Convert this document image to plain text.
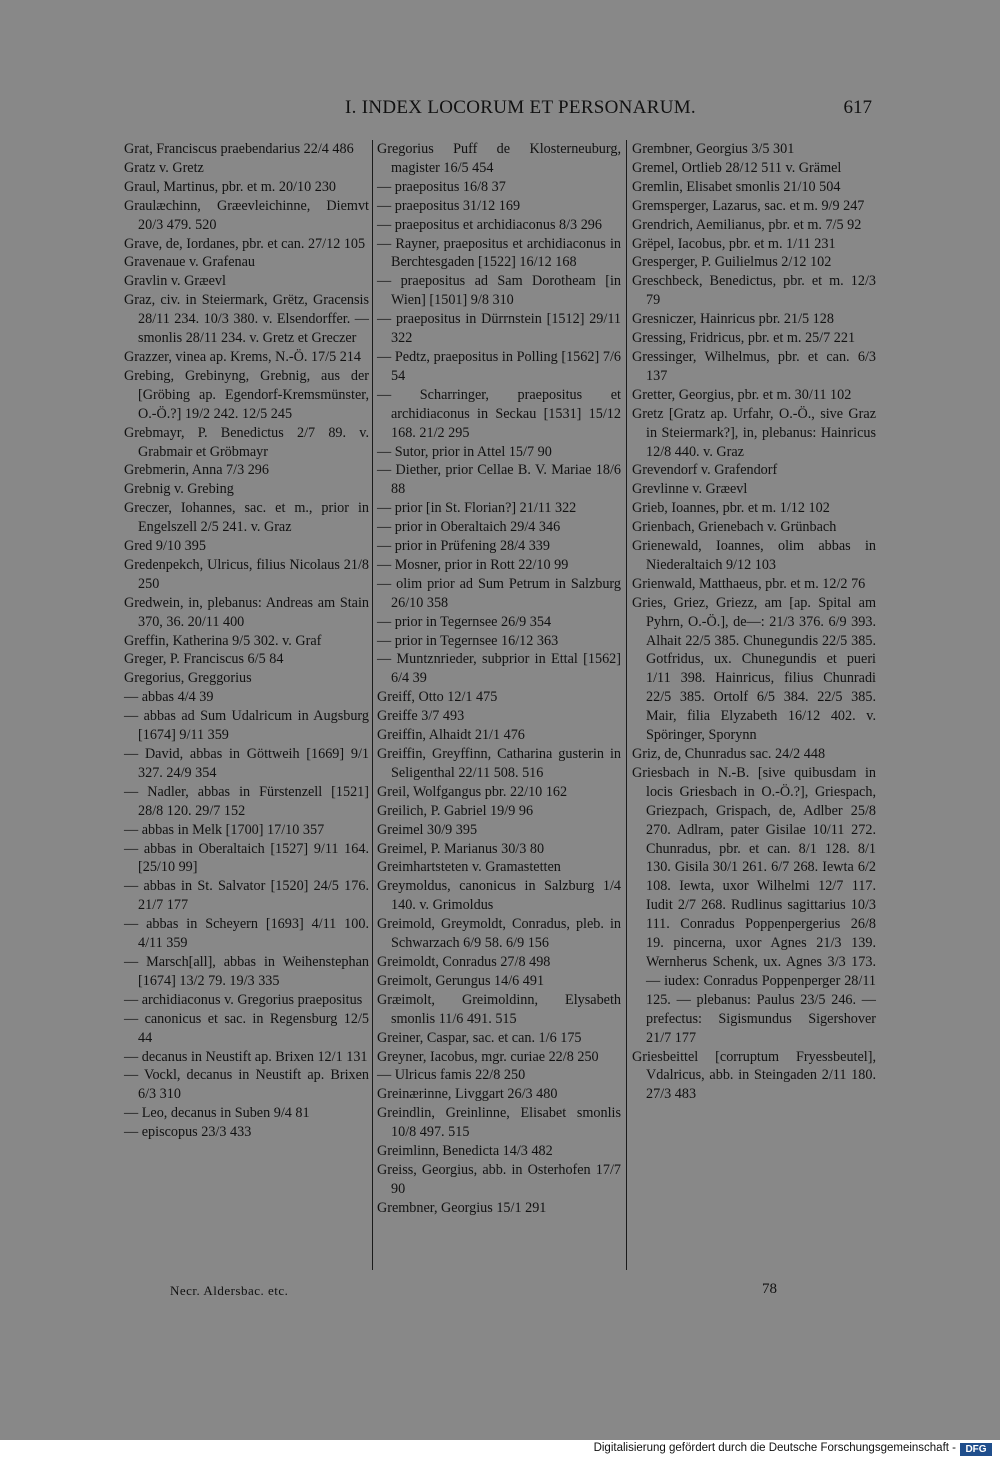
I. INDEX LOCORUM ET PERSONARUM.	617

Grat, Franciscus praebendarius 22/4 486

Gratz v. Gretz

Graul, Martinus, pbr. et m. 20/10 230

Graulæchinn, Græevleichinne, Diemvt 20/3 479. 520

Grave, de, Iordanes, pbr. et can. 27/12 105

Gravenaue v. Grafenau

Gravlin v. Græevl

Graz, civ. in Steiermark, Grëtz, Gracensis 28/11 234. 10/3 380. v. Elsendorffer. — smonlis 28/11 234. v. Gretz et Greczer

Grazzer, vinea ap. Krems, N.-Ö. 17/5 214

Grebing, Grebinyng, Grebnig, aus der [Gröbing ap. Egendorf-Kremsmünster, O.-Ö.?] 19/2 242. 12/5 245

Grebmayr, P. Benedictus 2/7 89. v. Grabmair et Gröbmayr

Grebmerin, Anna 7/3 296

Grebnig v. Grebing

Greczer, Iohannes, sac. et m., prior in Engelszell 2/5 241. v. Graz

Gred 9/10 395

Gredenpekch, Ulricus, filius Nicolaus 21/8 250

Gredwein, in, plebanus: Andreas am Stain 370, 36. 20/11 400

Greffin, Katherina 9/5 302. v. Graf

Greger, P. Franciscus 6/5 84

Gregorius, Greggorius

— abbas 4/4 39

— abbas ad Sum Udalricum in Augsburg [1674] 9/11 359

— David, abbas in Göttweih [1669] 9/1 327. 24/9 354

— Nadler, abbas in Fürstenzell [1521] 28/8 120. 29/7 152

— abbas in Melk [1700] 17/10 357

— abbas in Oberaltaich [1527] 9/11 164. [25/10 99]

— abbas in St. Salvator [1520] 24/5 176. 21/7 177

— abbas in Scheyern [1693] 4/11 100. 4/11 359

— Marsch[all], abbas in Weihenstephan [1674] 13/2 79. 19/3 335

— archidiaconus v. Gregorius praepositus

— canonicus et sac. in Regensburg 12/5 44

— decanus in Neustift ap. Brixen 12/1 131

— Vockl, decanus in Neustift ap. Brixen 6/3 310

— Leo, decanus in Suben 9/4 81

— episcopus 23/3 433

Gregorius Puff de Klosterneuburg, magister 16/5 454

— praepositus 16/8 37

— praepositus 31/12 169

— praepositus et archidiaconus 8/3 296

— Rayner, praepositus et archidiaconus in Berchtesgaden [1522] 16/12 168

— praepositus ad Sam Dorotheam [in Wien] [1501] 9/8 310

— praepositus in Dürrnstein [1512] 29/11 322

— Pedtz, praepositus in Polling [1562] 7/6 54

— Scharringer, praepositus et archidiaconus in Seckau [1531] 15/12 168. 21/2 295

— Sutor, prior in Attel 15/7 90

— Diether, prior Cellae B. V. Mariae 18/6 88

— prior [in St. Florian?] 21/11 322

— prior in Oberaltaich 29/4 346

— prior in Prüfening 28/4 339

— Mosner, prior in Rott 22/10 99

— olim prior ad Sum Petrum in Salzburg 26/10 358

— prior in Tegernsee 26/9 354

— prior in Tegernsee 16/12 363

— Muntznrieder, subprior in Ettal [1562] 6/4 39

Greiff, Otto 12/1 475

Greiffe 3/7 493

Greiffin, Alhaidt 21/1 476

Greiffin, Greyffinn, Catharina gusterin in Seligenthal 22/11 508. 516

Greil, Wolfgangus pbr. 22/10 162

Greilich, P. Gabriel 19/9 96

Greimel 30/9 395

Greimel, P. Marianus 30/3 80

Greimhartsteten v. Gramastetten

Greymoldus, canonicus in Salzburg 1/4 140. v. Grimoldus

Greimold, Greymoldt, Conradus, pleb. in Schwarzach 6/9 58. 6/9 156

Greimoldt, Conradus 27/8 498

Greimolt, Gerungus 14/6 491

Græimolt, Greimoldinn, Elysabeth smonlis 11/6 491. 515

Greiner, Caspar, sac. et can. 1/6 175

Greyner, Iacobus, mgr. curiae 22/8 250

— Ulricus famis 22/8 250

Greinærinne, Livggart 26/3 480

Greindlin, Greinlinne, Elisabet smonlis 10/8 497. 515

Greimlinn, Benedicta 14/3 482

Greiss, Georgius, abb. in Osterhofen 17/7 90

Grembner, Georgius 15/1 291

Grembner, Georgius 3/5 301

Gremel, Ortlieb 28/12 511 v. Grämel

Gremlin, Elisabet smonlis 21/10 504

Gremsperger, Lazarus, sac. et m. 9/9 247

Grendrich, Aemilianus, pbr. et m. 7/5 92

Grëpel, Iacobus, pbr. et m. 1/11 231

Gresperger, P. Guilielmus 2/12 102

Greschbeck, Benedictus, pbr. et m. 12/3 79

Gresniczer, Hainricus pbr. 21/5 128

Gressing, Fridricus, pbr. et m. 25/7 221

Gressinger, Wilhelmus, pbr. et can. 6/3 137

Gretter, Georgius, pbr. et m. 30/11 102

Gretz [Gratz ap. Urfahr, O.-Ö., sive Graz in Steiermark?], in, plebanus: Hainricus 12/8 440. v. Graz

Grevendorf v. Grafendorf

Grevlinne v. Græevl

Grieb, Ioannes, pbr. et m. 1/12 102

Grienbach, Grienebach v. Grünbach

Grienewald, Ioannes, olim abbas in Niederaltaich 9/12 103

Grienwald, Matthaeus, pbr. et m. 12/2 76

Gries, Griez, Griezz, am [ap. Spital am Pyhrn, O.-Ö.], de—: 21/3 376. 6/9 393. Alhait 22/5 385. Chunegundis 22/5 385. Gotfridus, ux. Chunegundis et pueri 1/11 398. Hainricus, filius Chunradi 22/5 385. Ortolf 6/5 384. 22/5 385. Mair, filia Elyzabeth 16/12 402. v. Spöringer, Sporynn

Griz, de, Chunradus sac. 24/2 448

Griesbach in N.-B. [sive quibusdam in locis Griesbach in O.-Ö.?], Griespach, Griezpach, Grispach, de, Adlber 25/8 270. Adlram, pater Gisilae 10/11 272. Chunradus, pbr. et can. 8/1 128. 8/1 130. Gisila 30/1 261. 6/7 268. Iewta 6/2 108. Iewta, uxor Wilhelmi 12/7 117. Iudit 2/7 268. Rudlinus sagittarius 10/3 111. Conradus Poppenpergerius 26/8 19. pincerna, uxor Agnes 21/3 139. Wernherus Schenk, ux. Agnes 3/3 173. — iudex: Conradus Poppenperger 28/11 125. — plebanus: Paulus 23/5 246. — prefectus: Sigismundus Sigershover 21/7 177

Griesbeittel [corruptum Fryessbeutel], Vdalricus, abb. in Steingaden 2/11 180. 27/3 483

Necr. Aldersbac. etc.	78
Digitalisierung gefördert durch die Deutsche Forschungsgemeinschaft - DFG
